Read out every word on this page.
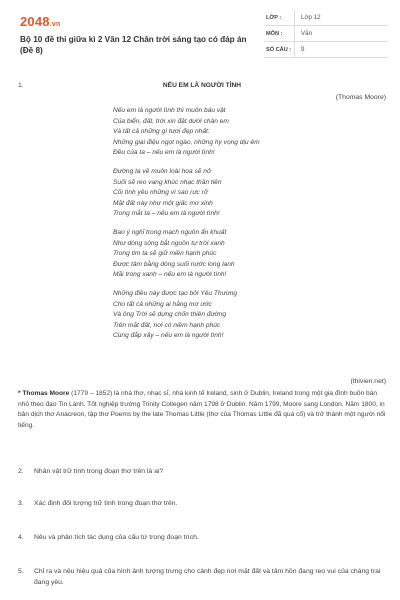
2048.vn
Bộ 10 đề thi giữa kì 2 Văn 12 Chân trời sáng tạo có đáp án (Đề 8)
LỚP :	Lớp 12
MÔN :	Văn
SỐ CÂU :	9
1.	NẾU EM LÀ NGƯỜI TÌNH
(Thomas Moore)
Nếu em là người tình thì muôn báu vật
Của biển, đất, trời xin đặt dưới chân em
Và tất cả những gì tươi đẹp nhất:
Những giai điệu ngọt ngào, những hy vọng dịu êm
Đều của ta – nếu em là người tình!
Đường ta về muôn loài hoa sẽ nở
Suối sẽ reo vang khúc nhạc thần tiên
Cõi tình yêu những vì sao rực rỡ
Mặt đất này như một giấc mơ xinh
Trong mắt ta – nếu em là người tình!
Bao ý nghĩ trong mạch nguồn ẩn khuất
Như dòng sông bắt nguồn tự trời xanh
Trong tim ta sẽ giữ miền hạnh phúc
Được tâm bằng dòng suối nước long lanh
Mãi trong xanh – nếu em là người tình!
Những điều này được tạo bởi Yêu Thương
Cho tất cả những ai hằng mơ ước
Và ông Trời sẽ dựng chốn thiên đường
Trên mặt đất, nơi có niềm hạnh phúc
Cùng đắp xây – nếu em là người tình!
(thivien.net)
* Thomas Moore (1779 – 1852) là nhà thơ, nhạc sĩ, nhà kinh tế Ireland, sinh ở Dublin, Ireland trong một gia đình buôn bán nhỏ theo đạo Tin Lành. Tốt nghiệp trường Trinity Collegen năm 1798 ở Dublin. Năm 1799, Moore sang London. Năm 1800, in bản dịch thơ Anacreon, tập thơ Poems by the late Thomas Little (thơ của Thomas Little đã quá cố) và trở thành một người nổi tiếng.
2.	Nhân vật trữ tình trong đoạn thơ trên là ai?
3.	Xác định đối tượng trữ tình trong đoạn thơ trên.
4.	Nêu và phân tích tác dụng của cấu tứ trong đoạn trích.
5.	Chỉ ra và nêu hiệu quả của hình ảnh tượng trưng cho cảnh đẹp nơi mặt đất và tâm hồn đang reo vui của chàng trai đang yêu.
